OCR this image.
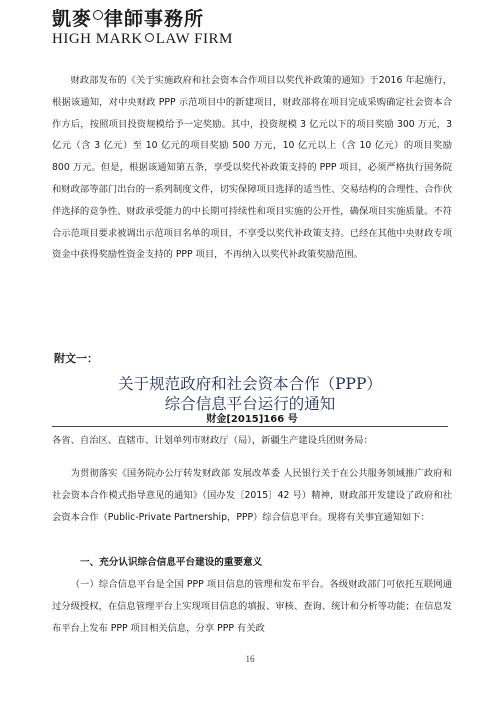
凱麥 律師事務所
HIGH MARK LAW FIRM

财政部发布的《关于实施政府和社会资本合作项目以奖代补政策的通知》于2016 年起施行，根据该通知，对中央财政 PPP 示范项目中的新建项目，财政部将在项目完成采购确定社会资本合作方后，按照项目投资规模给予一定奖励。其中，投资规模 3 亿元以下的项目奖励 300 万元，3 亿元（含 3 亿元）至 10 亿元的项目奖励 500 万元，10 亿元以上（含 10 亿元）的项目奖励 800 万元。但是，根据该通知第五条，享受以奖代补政策支持的 PPP 项目，必须严格执行国务院和财政部等部门出台的一系列制度文件，切实保障项目选择的适当性、交易结构的合理性、合作伙伴选择的竞争性、财政承受能力的中长期可持续性和项目实施的公开性，确保项目实施质量。不符合示范项目要求被调出示范项目名单的项目，不享受以奖代补政策支持。已经在其他中央财政专项资金中获得奖励性资金支持的 PPP 项目，不再纳入以奖代补政策奖励范围。

附文一：
关于规范政府和社会资本合作（PPP）
综合信息平台运行的通知
财金[2015]166 号

各省、自治区、直辖市、计划单列市财政厅（局），新疆生产建设兵团财务局：

为贯彻落实《国务院办公厅转发财政部 发展改革委 人民银行关于在公共服务领域推广政府和社会资本合作模式指导意见的通知》（国办发〔2015〕42 号）精神，财政部开发建设了政府和社会资本合作（Public-Private Partnership，PPP）综合信息平台。现将有关事宜通知如下：

一、充分认识综合信息平台建设的重要意义

（一）综合信息平台是全国 PPP 项目信息的管理和发布平台。各级财政部门可依托互联网通过分级授权，在信息管理平台上实现项目信息的填报、审核、查询、统计和分析等功能；在信息发布平台上发布 PPP 项目相关信息，分享 PPP 有关政

16
